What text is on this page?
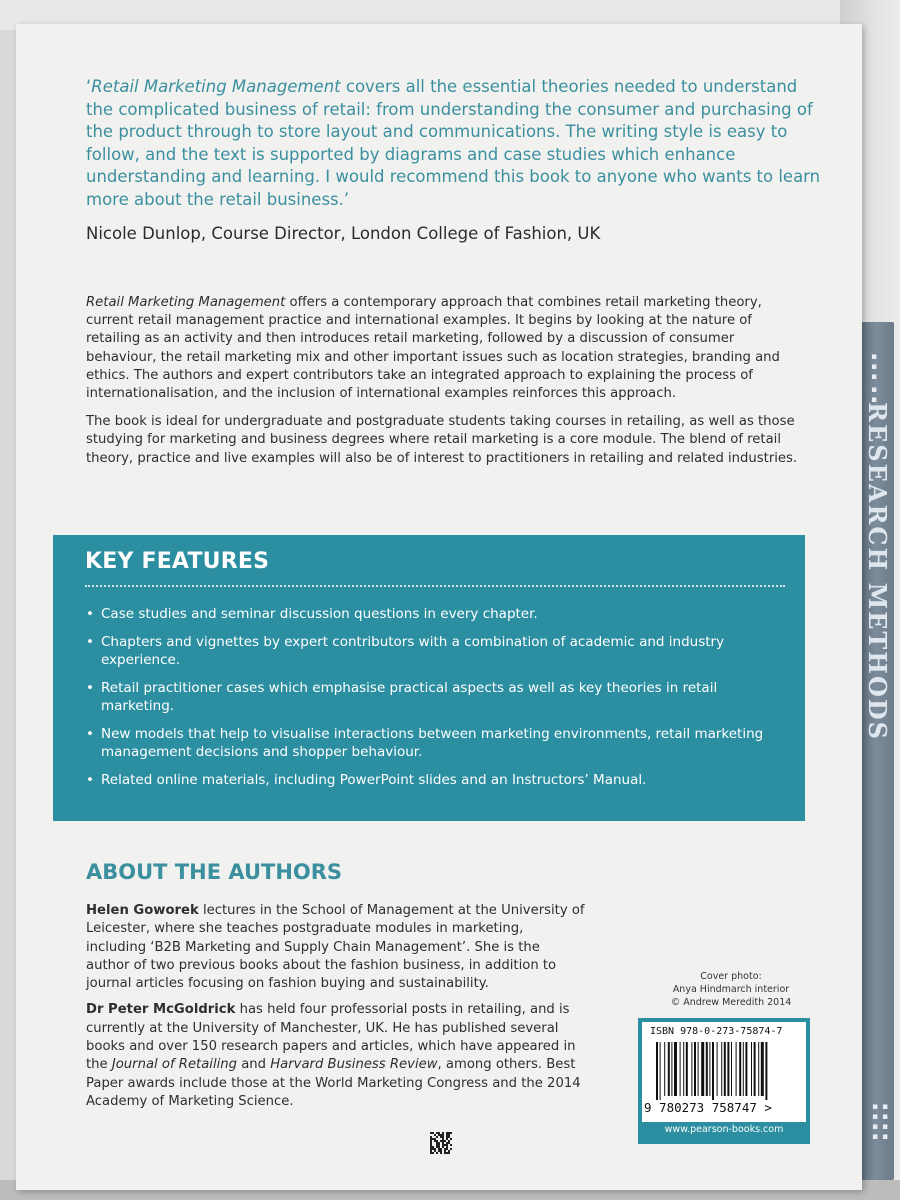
▪▪▪ ▪▪
RESEARCH METHODS
▪▪▪▪ ▪▪▪▪
‘Retail Marketing Management covers all the essential theories needed to understand the complicated business of retail: from understanding the consumer and purchasing of the product through to store layout and communications. The writing style is easy to follow, and the text is supported by diagrams and case studies which enhance understanding and learning. I would recommend this book to anyone who wants to learn more about the retail business.’
Nicole Dunlop, Course Director, London College of Fashion, UK

Retail Marketing Management offers a contemporary approach that combines retail marketing theory, current retail management practice and international examples. It begins by looking at the nature of retailing as an activity and then introduces retail marketing, followed by a discussion of consumer behaviour, the retail marketing mix and other important issues such as location strategies, branding and ethics. The authors and expert contributors take an integrated approach to explaining the process of internationalisation, and the inclusion of international examples reinforces this approach.

The book is ideal for undergraduate and postgraduate students taking courses in retailing, as well as those studying for marketing and business degrees where retail marketing is a core module. The blend of retail theory, practice and live examples will also be of interest to practitioners in retailing and related industries.

KEY FEATURES
• Case studies and seminar discussion questions in every chapter.
• Chapters and vignettes by expert contributors with a combination of academic and industry experience.
• Retail practitioner cases which emphasise practical aspects as well as key theories in retail marketing.
• New models that help to visualise interactions between marketing environments, retail marketing management decisions and shopper behaviour.
• Related online materials, including PowerPoint slides and an Instructors’ Manual.
ABOUT THE AUTHORS

Helen Goworek lectures in the School of Management at the University of Leicester, where she teaches postgraduate modules in marketing, including ‘B2B Marketing and Supply Chain Management’. She is the author of two previous books about the fashion business, in addition to journal articles focusing on fashion buying and sustainability.

Dr Peter McGoldrick has held four professorial posts in retailing, and is currently at the University of Manchester, UK. He has published several books and over 150 research papers and articles, which have appeared in the Journal of Retailing and Harvard Business Review, among others. Best Paper awards include those at the World Marketing Congress and the 2014 Academy of Marketing Science.

Cover photo:
Anya Hindmarch interior
© Andrew Meredith 2014
ISBN 978-0-273-75874-7
9 780273 758747 >
www.pearson-books.com
